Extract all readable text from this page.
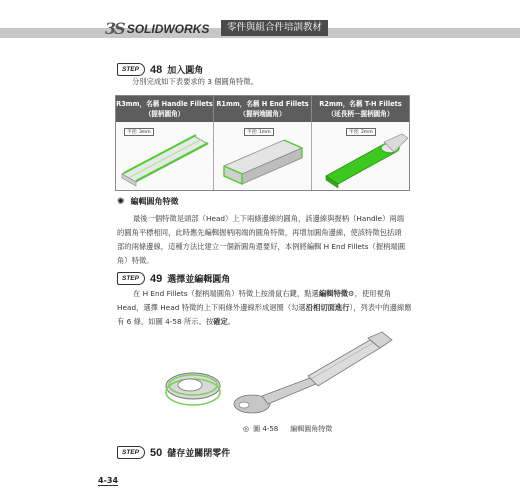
3S SOLIDWORKS	零件與組合件培訓教材
STEP	48 加入圓角
分別完成如下表要求的 3 個圓角特徵。
R3mm，名稱 Handle Fillets
（握柄圓角）
R1mm，名稱 H End Fillets
（握柄端圓角）
R2mm，名稱 T-H Fillets
（延長柄－握柄圓角）
半徑: 3mm	半徑: 1mm	半徑: 2mm
✺ 編輯圓角特徵
最後一個特徵是頭部（Head）上下兩條邊線的圓角，該邊線與握柄（Handle）兩端
的圓角平標相同，此時應先編輯握柄兩端的圓角特徵，再增加圓角邊線，使該特徵包括頭
部的兩條邊線，這種方法比建立一個新圓角還要好，本例將編輯 H End Fillets（握柄端圓
角）特徵。
STEP	49 選擇並編輯圓角
在 H End Fillets（握柄端圓角）特徵上按滑鼠右鍵，點選編輯特徵⚙，使用視角
Head，選擇 Head 特徵的上下兩條外邊線形成迴圈（勾選沿相切面進行），列表中的邊線應
有 6 條，如圖 4-58 所示。按確定。
◎ 圖 4-58 編輯圓角特徵
STEP	50 儲存並關閉零件
4-34
